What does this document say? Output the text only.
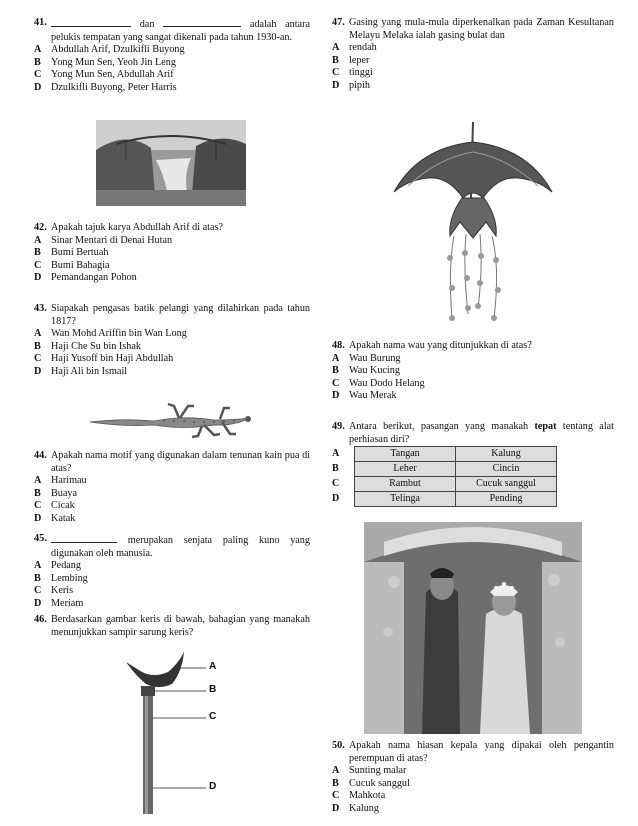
41.	dan	adalah antara pelukis tempatan yang sangat dikenali pada tahun 1930-an.
A Abdullah Arif, Dzulkifli Buyong
B Yong Mun Sen, Yeoh Jin Leng
C Yong Mun Sen, Abdullah Arif
D Dzulkifli Buyong, Peter Harris
42. Apakah tajuk karya Abdullah Arif di atas?
A Sinar Mentari di Denai Hutan
B Bumi Bertuah
C Bumi Bahagia
D Pemandangan Pohon
43. Siapakah pengasas batik pelangi yang dilahirkan pada tahun 1817?
A Wan Mohd Ariffin bin Wan Long
B Haji Che Su bin Ishak
C Haji Yusoff bin Haji Abdullah
D Haji Ali bin Ismail
44. Apakah nama motif yang digunakan dalam tenunan kain pua di atas?
A Harimau
B Buaya
C Cicak
D Katak
45.	merupakan senjata paling kuno yang digunakan oleh manusia.
A Pedang
B Lembing
C Keris
D Meriam
46. Berdasarkan gambar keris di bawah, bahagian yang manakah menunjukkan sampir sarung keris?
A
B
C
D
47. Gasing yang mula-mula diperkenalkan pada Zaman Kesultanan Melayu Melaka ialah gasing bulat dan
A rendah
B leper
C tinggi
D pipih
48. Apakah nama wau yang ditunjukkan di atas?
A Wau Burung
B Wau Kucing
C Wau Dodo Helang
D Wau Merak
49. Antara berikut, pasangan yang manakah tepat tentang alat perhiasan diri?
A	Tangan	Kalung
B	Leher	Cincin
C	Rambut	Cucuk sanggul
D	Telinga	Pending
50. Apakah nama hiasan kepala yang dipakai oleh pengantin perempuan di atas?
A Sunting malar
B Cucuk sanggul
C Mahkota
D Kalung
